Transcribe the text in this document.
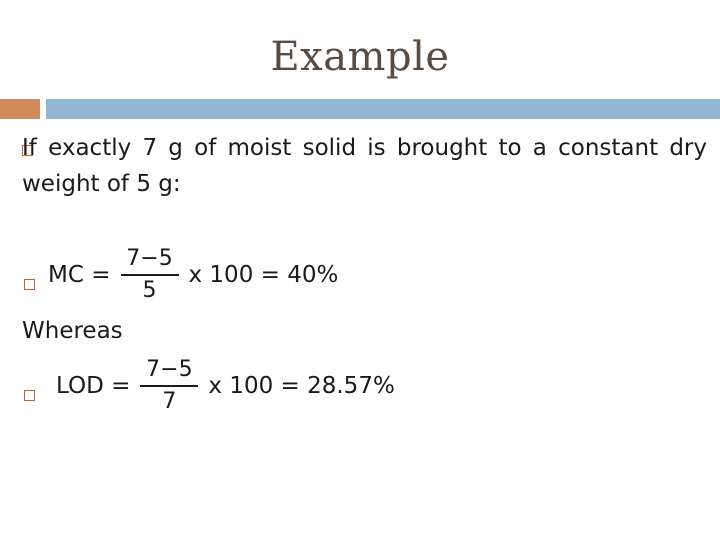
Example
If exactly 7 g of moist solid is brought to a constant dry weight of 5 g:
MC = $\frac{7-5}{5}$ x 100 = 40%
Whereas
LOD = $\frac{7-5}{7}$ x 100 = 28.57%
